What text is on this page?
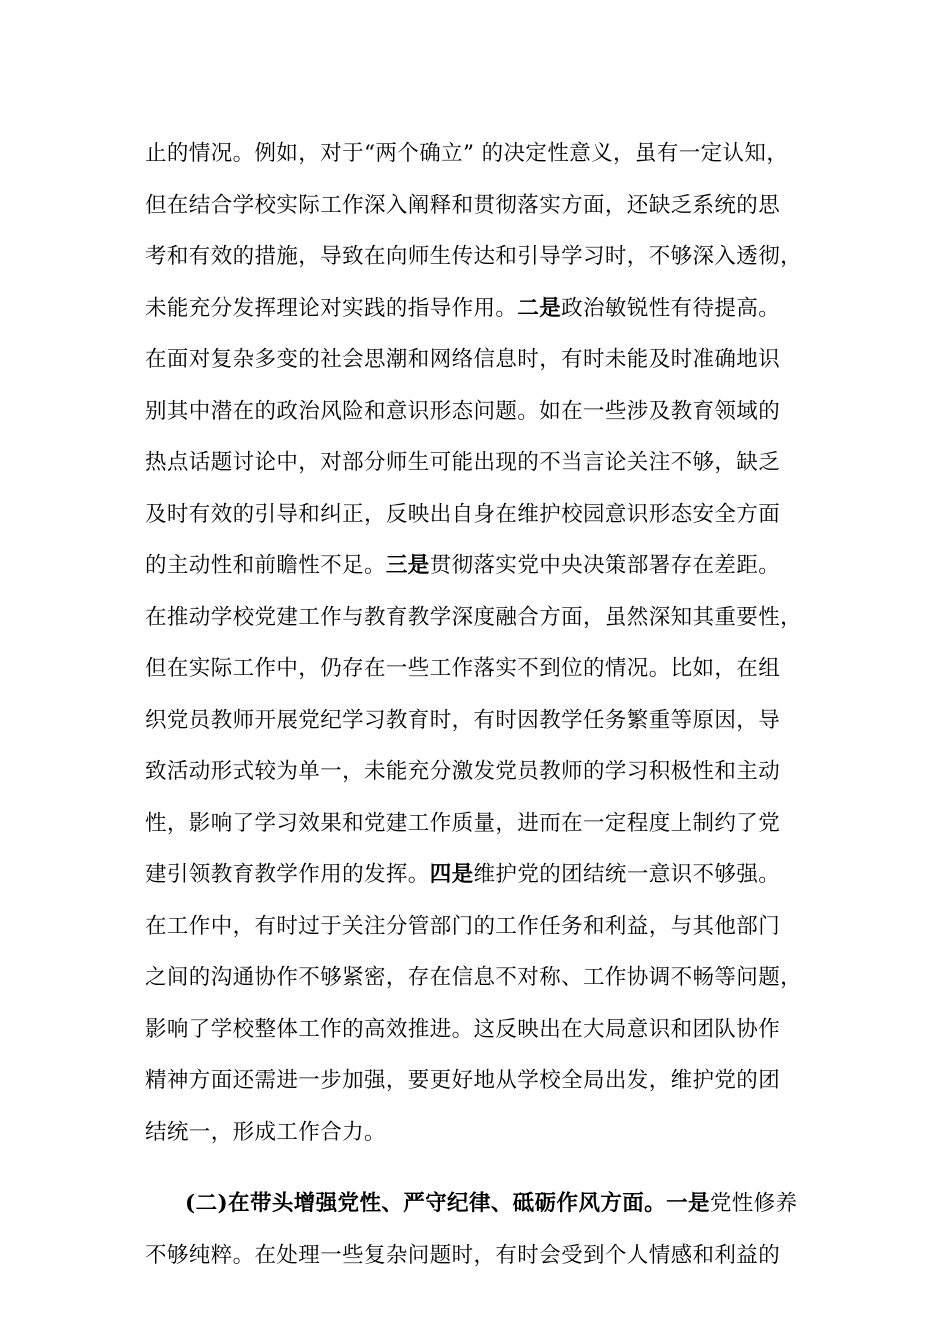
止的情况。例如，对于“两个确立” 的决定性意义，虽有一定认知，
但在结合学校实际工作深入阐释和贯彻落实方面，还缺乏系统的思
考和有效的措施，导致在向师生传达和引导学习时，不够深入透彻，
未能充分发挥理论对实践的指导作用。二是政治敏锐性有待提高。
在面对复杂多变的社会思潮和网络信息时，有时未能及时准确地识
别其中潜在的政治风险和意识形态问题。如在一些涉及教育领域的
热点话题讨论中，对部分师生可能出现的不当言论关注不够，缺乏
及时有效的引导和纠正，反映出自身在维护校园意识形态安全方面
的主动性和前瞻性不足。三是贯彻落实党中央决策部署存在差距。
在推动学校党建工作与教育教学深度融合方面，虽然深知其重要性，
但在实际工作中，仍存在一些工作落实不到位的情况。比如，在组
织党员教师开展党纪学习教育时，有时因教学任务繁重等原因，导
致活动形式较为单一，未能充分激发党员教师的学习积极性和主动
性，影响了学习效果和党建工作质量，进而在一定程度上制约了党
建引领教育教学作用的发挥。四是维护党的团结统一意识不够强。
在工作中，有时过于关注分管部门的工作任务和利益，与其他部门
之间的沟通协作不够紧密，存在信息不对称、工作协调不畅等问题，
影响了学校整体工作的高效推进。这反映出在大局意识和团队协作
精神方面还需进一步加强，要更好地从学校全局出发，维护党的团
结统一，形成工作合力。
(二)在带头增强党性、严守纪律、砥砺作风方面。一是党性修养
不够纯粹。在处理一些复杂问题时，有时会受到个人情感和利益的
